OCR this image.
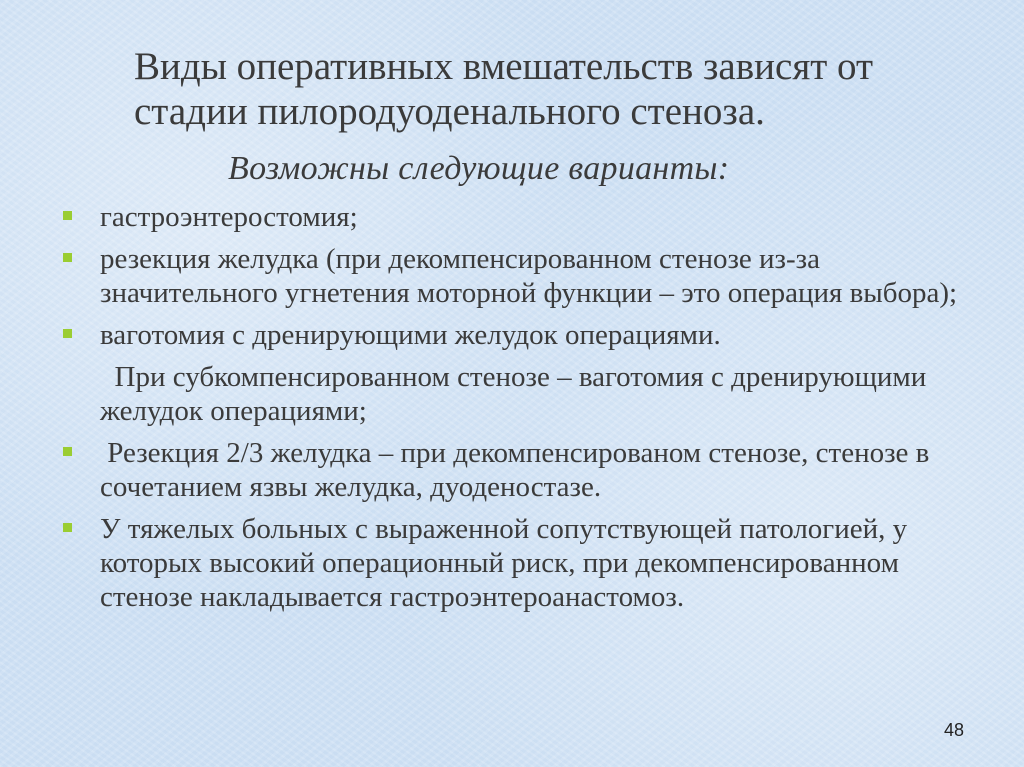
Виды оперативных вмешательств зависят от стадии пилородуоденального стеноза.
Возможны следующие варианты:
гастроэнтеростомия;
резекция желудка (при декомпенсированном стенозе из-за значительного угнетения моторной функции – это операция выбора);
ваготомия с дренирующими желудок операциями.
При субкомпенсированном стенозе – ваготомия с дренирующими желудок операциями;
Резекция 2/3 желудка – при декомпенсированом стенозе, стенозе в сочетанием язвы желудка, дуоденостазе.
У тяжелых больных с выраженной сопутствующей патологией, у которых высокий операционный риск, при декомпенсированном стенозе накладывается гастроэнтероанастомоз.
48
